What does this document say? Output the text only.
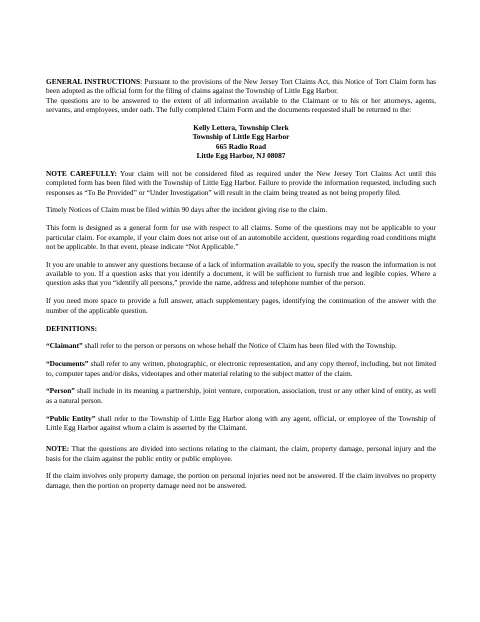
GENERAL INSTRUCTIONS: Pursuant to the provisions of the New Jersey Tort Claims Act, this Notice of Tort Claim form has been adopted as the official form for the filing of claims against the Township of Little Egg Harbor.

The questions are to be answered to the extent of all information available to the Claimant or to his or her attorneys, agents, servants, and employees, under oath. The fully completed Claim Form and the documents requested shall be returned to the:

Kelly Lettera, Township Clerk
Township of Little Egg Harbor
665 Radio Road
Little Egg Harbor, NJ 08087

NOTE CAREFULLY: Your claim will not be considered filed as required under the New Jersey Tort Claims Act until this completed form has been filed with the Township of Little Egg Harbor. Failure to provide the information requested, including such responses as “To Be Provided” or “Under Investigation” will result in the claim being treated as not being properly filed.

Timely Notices of Claim must be filed within 90 days after the incident giving rise to the claim.

This form is designed as a general form for use with respect to all claims. Some of the questions may not be applicable to your particular claim. For example, if your claim does not arise out of an automobile accident, questions regarding road conditions might not be applicable. In that event, please indicate “Not Applicable.”

It you are unable to answer any questions because of a lack of information available to you, specify the reason the information is not available to you. If a question asks that you identify a document, it will be sufficient to furnish true and legible copies. Where a question asks that you “identify all persons,” provide the name, address and telephone number of the person.

If you need more space to provide a full answer, attach supplementary pages, identifying the continuation of the answer with the number of the applicable question.

DEFINITIONS:

“Claimant” shall refer to the person or persons on whose behalf the Notice of Claim has been filed with the Township.

“Documents” shall refer to any written, photographic, or electronic representation, and any copy thereof, including, but not limited to, computer tapes and/or disks, videotapes and other material relating to the subject matter of the claim.

“Person” shall include in its meaning a partnership, joint venture, corporation, association, trust or any other kind of entity, as well as a natural person.

“Public Entity” shall refer to the Township of Little Egg Harbor along with any agent, official, or employee of the Township of Little Egg Harbor against whom a claim is asserted by the Claimant.

NOTE: That the questions are divided into sections relating to the claimant, the claim, property damage, personal injury and the basis for the claim against the public entity or public employee.

If the claim involves only property damage, the portion on personal injuries need not be answered. If the claim involves no property damage, then the portion on property damage need not be answered.
